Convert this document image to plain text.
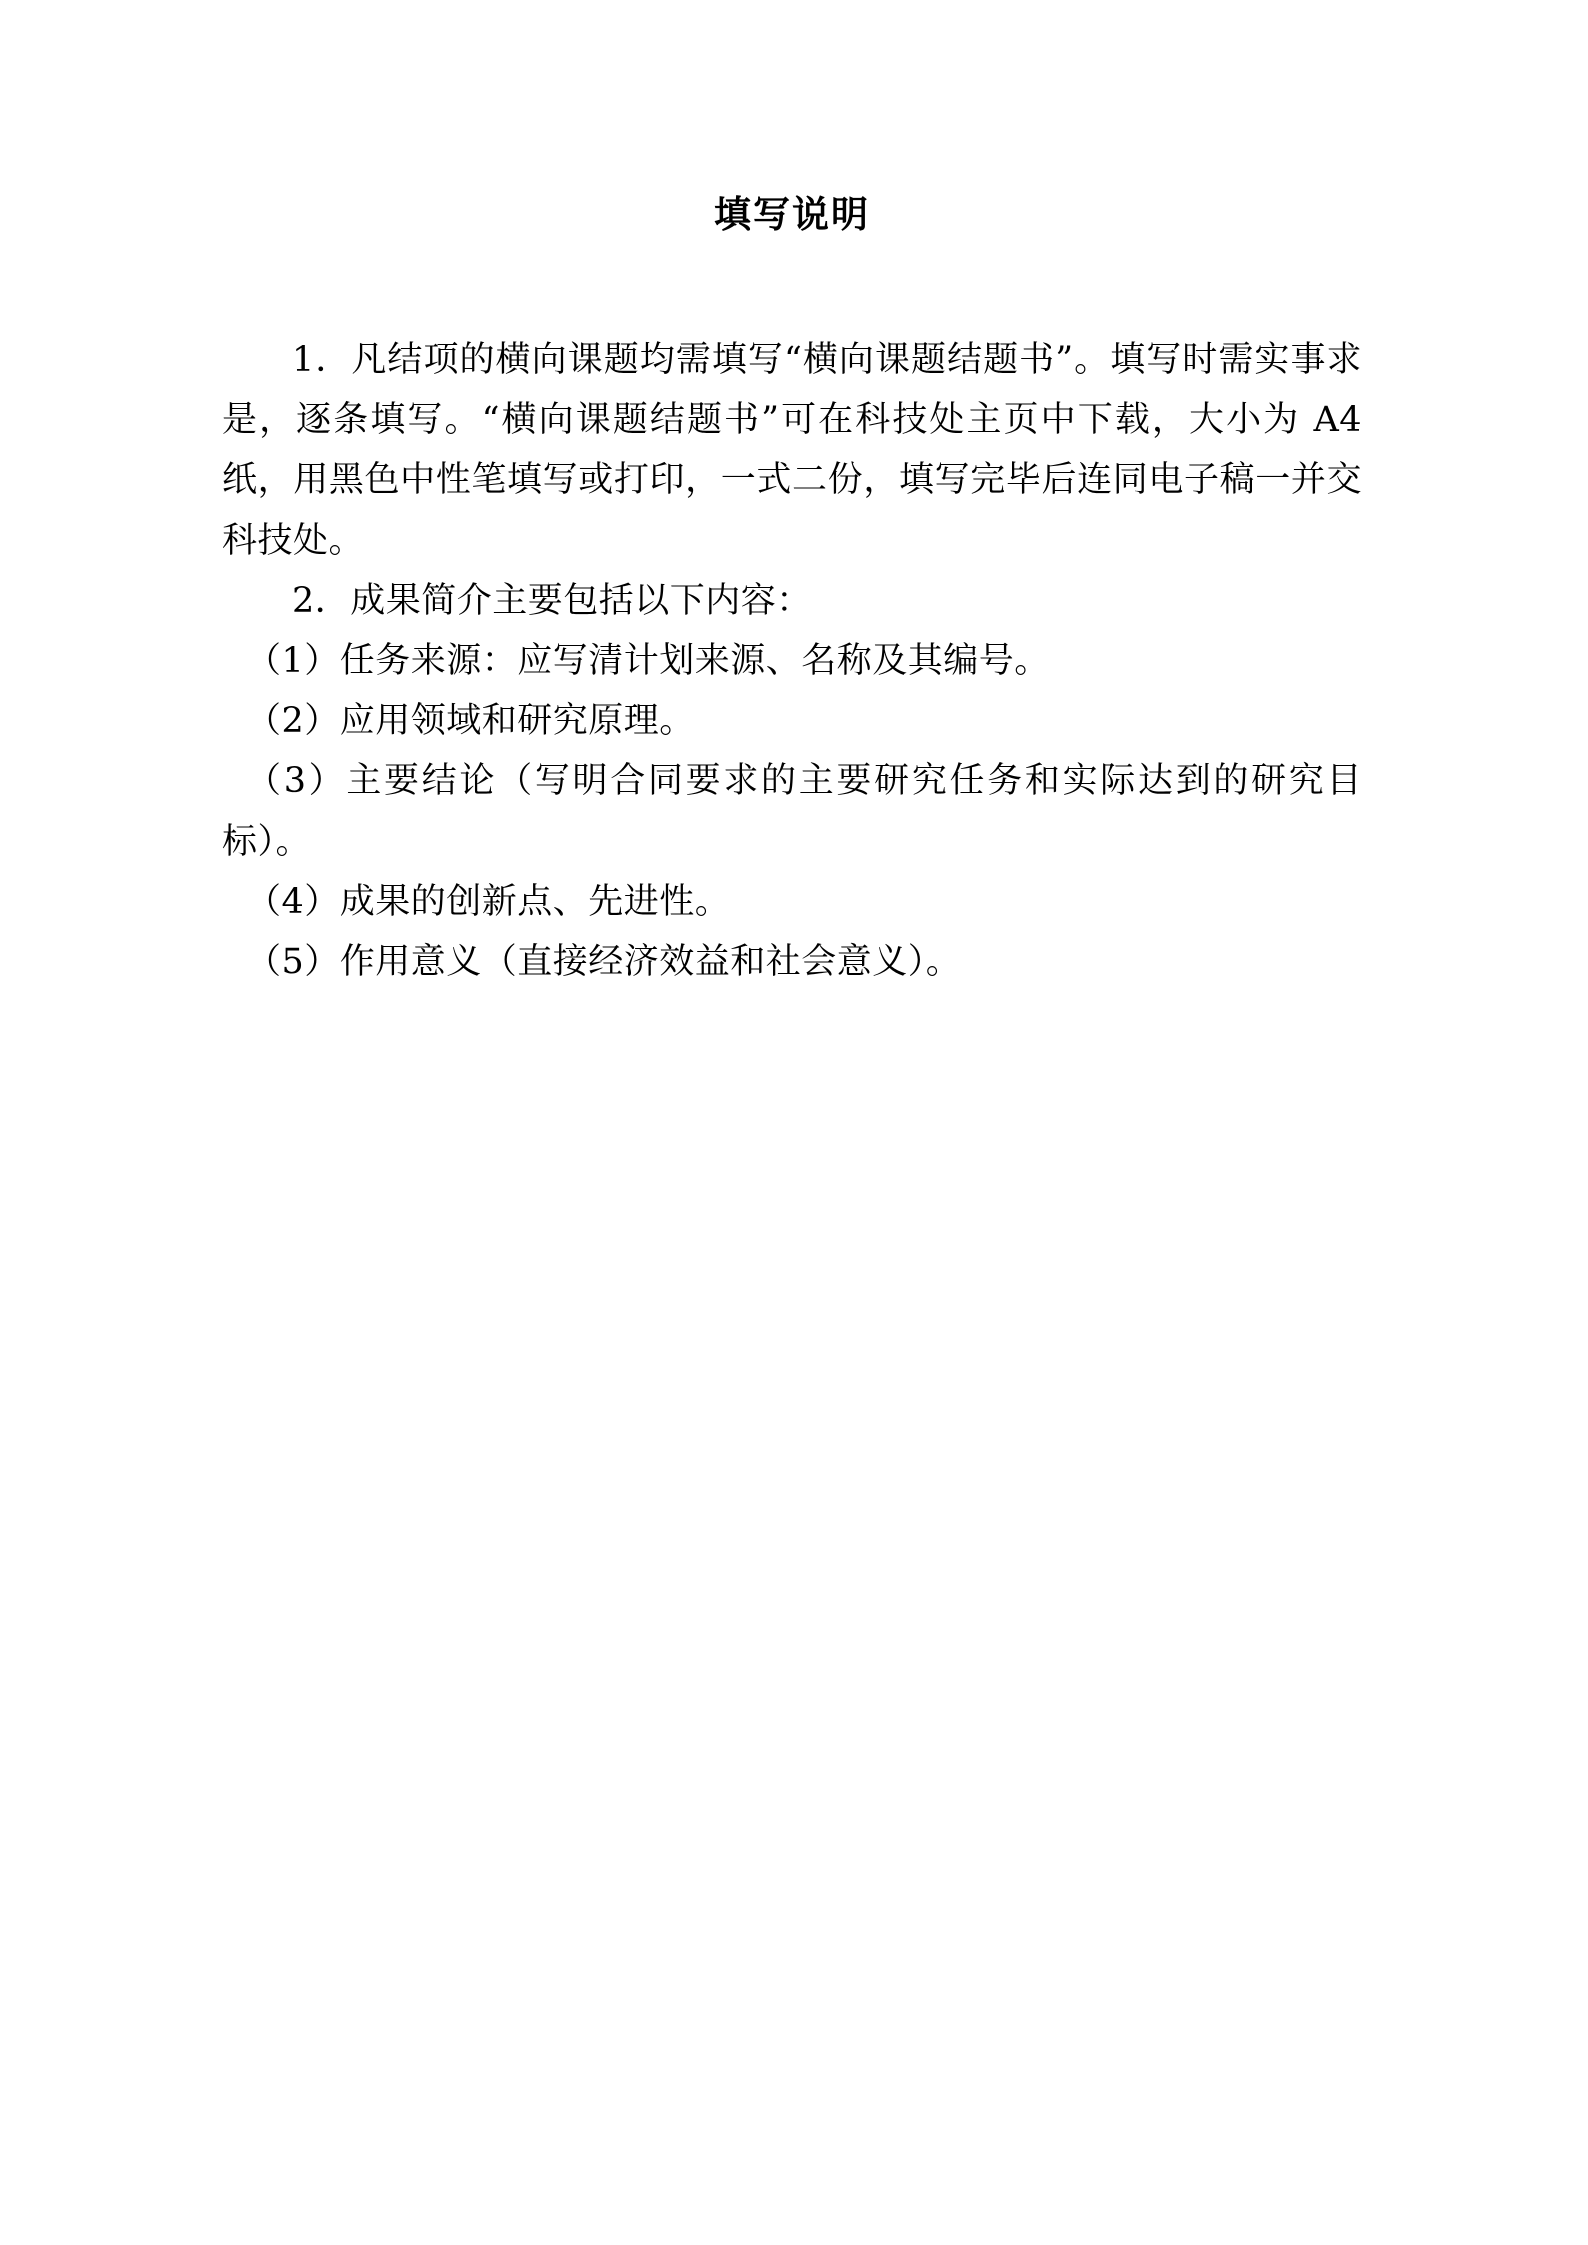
填写说明

1．凡结项的横向课题均需填写“横向课题结题书”。填写时需实事求是，逐条填写。“横向课题结题书”可在科技处主页中下载，大小为 A4 纸，用黑色中性笔填写或打印，一式二份，填写完毕后连同电子稿一并交科技处。

2．成果简介主要包括以下内容：

（1）任务来源：应写清计划来源、名称及其编号。

（2）应用领域和研究原理。

（3）主要结论（写明合同要求的主要研究任务和实际达到的研究目标）。

（4）成果的创新点、先进性。

（5）作用意义（直接经济效益和社会意义）。
